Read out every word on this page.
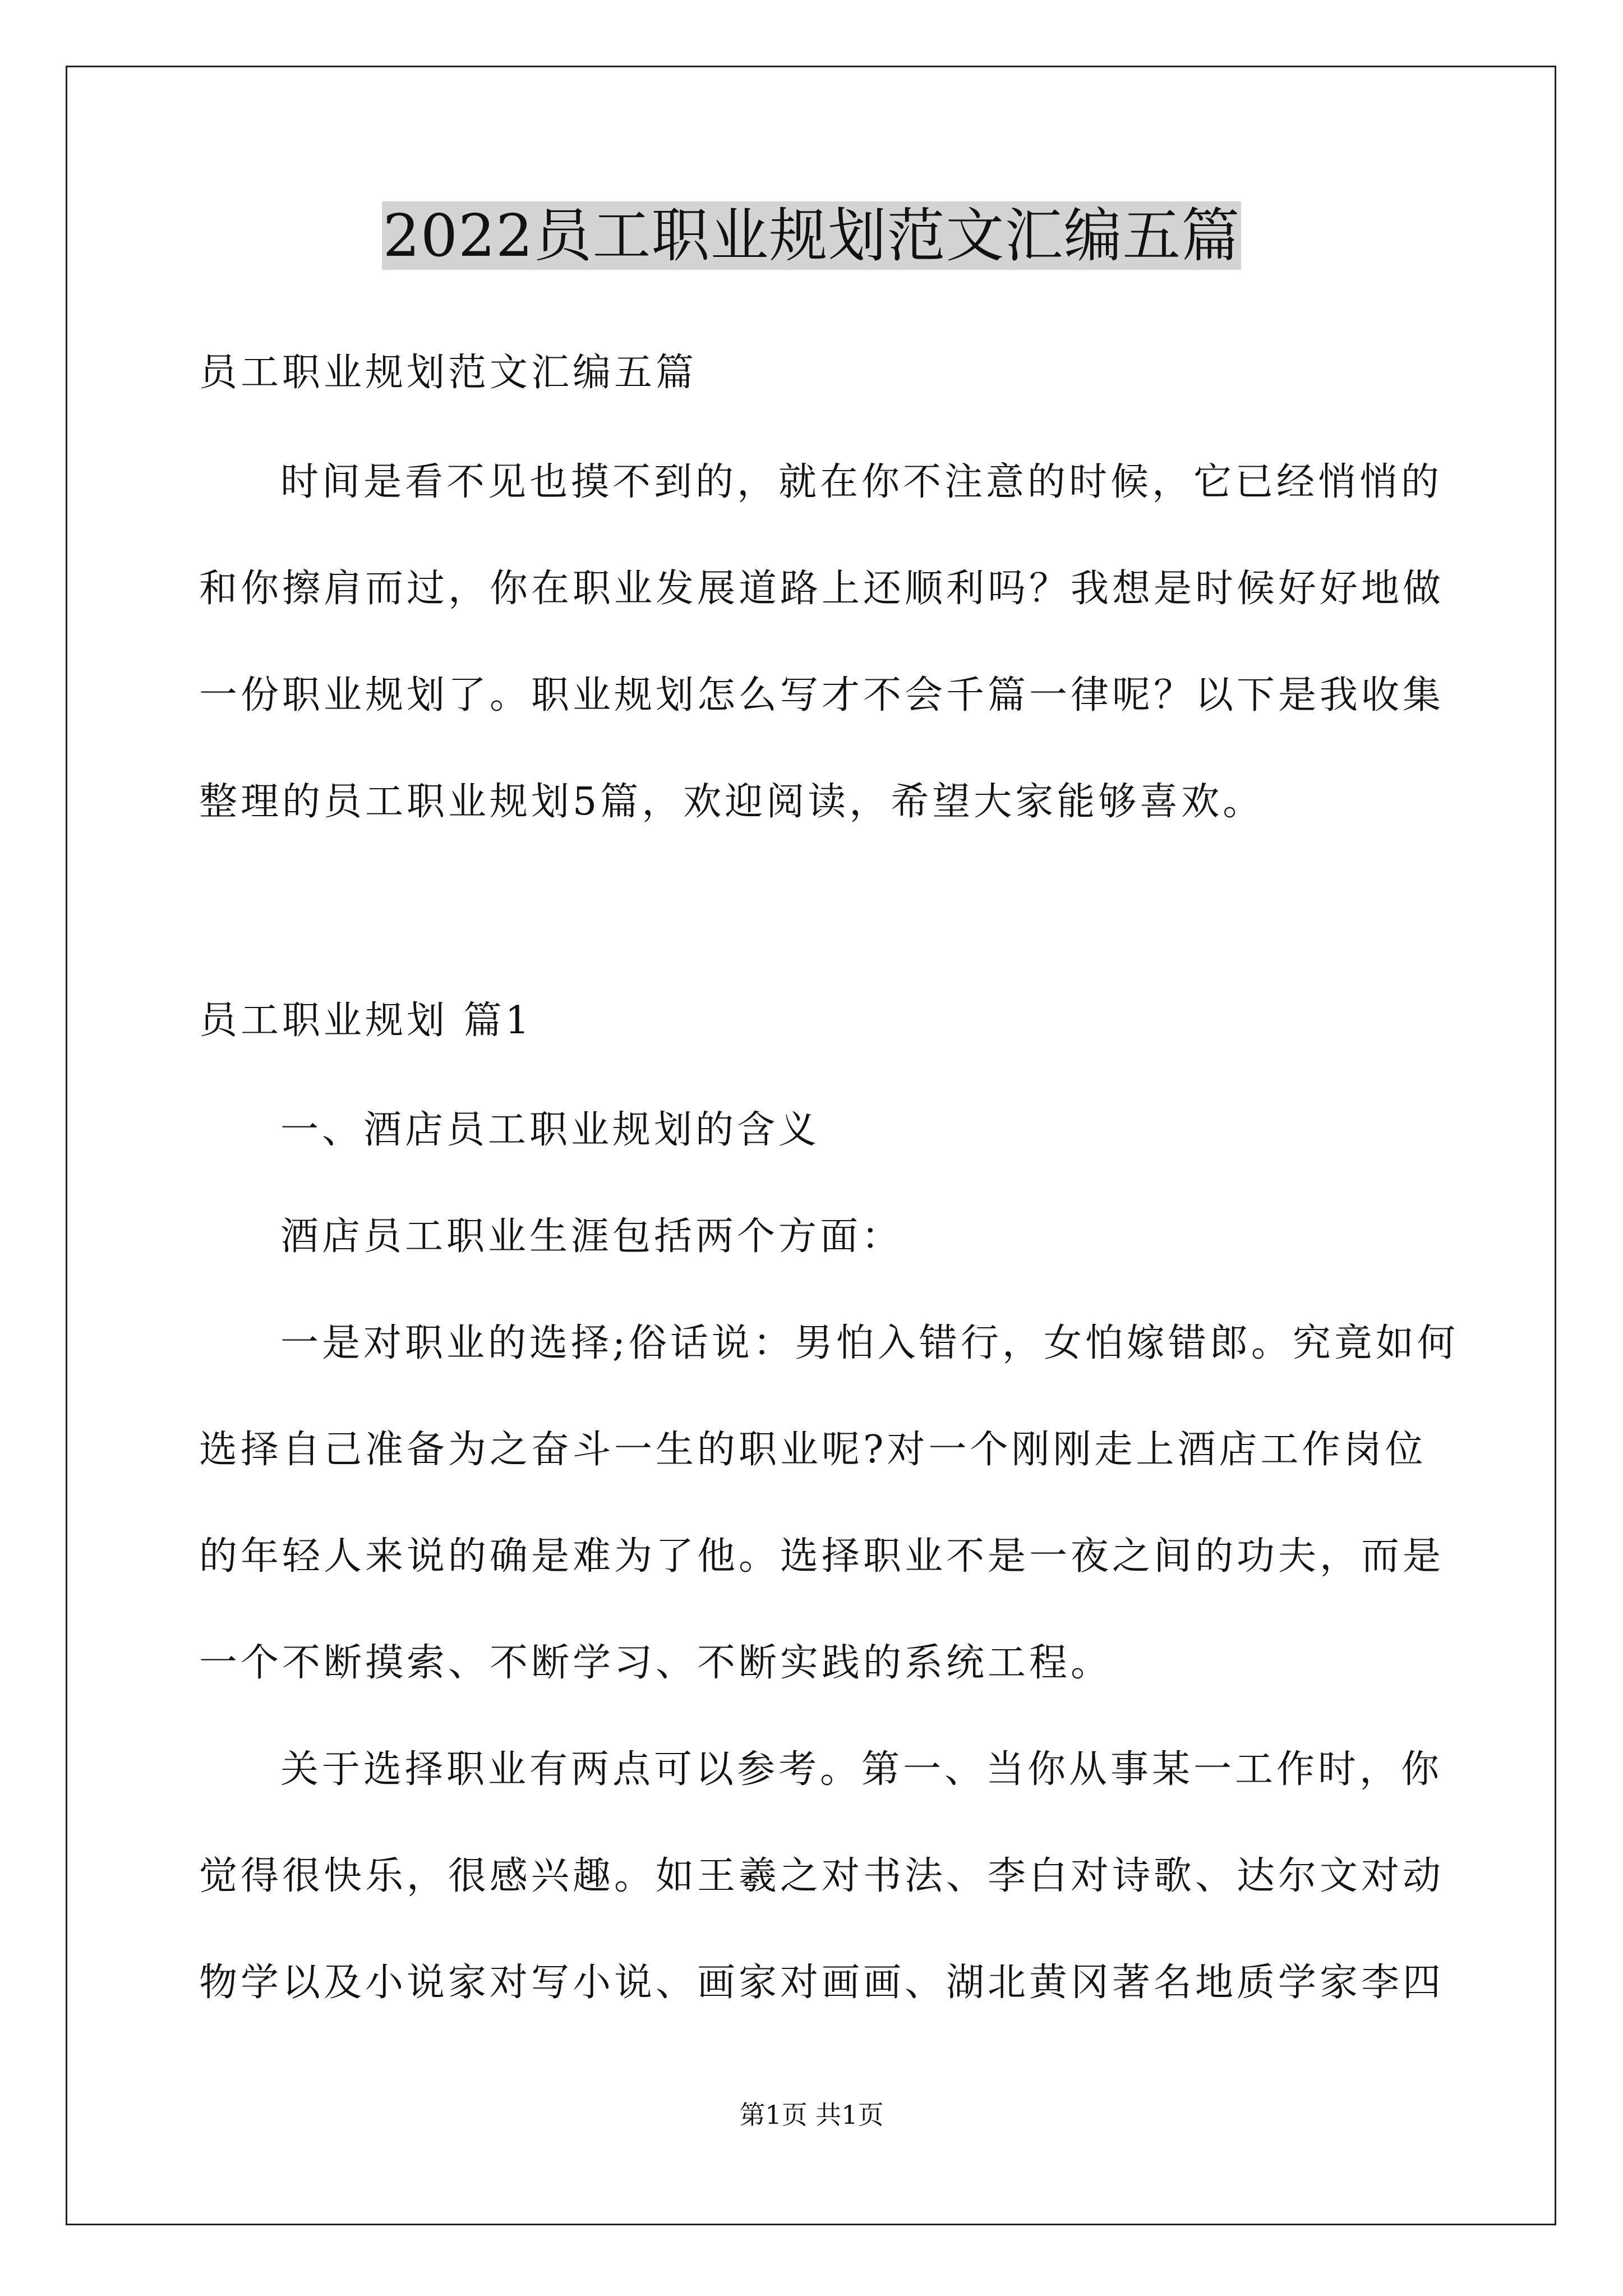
2022员工职业规划范文汇编五篇
员工职业规划范文汇编五篇
时间是看不见也摸不到的，就在你不注意的时候，它已经悄悄的
和你擦肩而过，你在职业发展道路上还顺利吗？我想是时候好好地做
一份职业规划了。职业规划怎么写才不会千篇一律呢？以下是我收集
整理的员工职业规划5篇，欢迎阅读，希望大家能够喜欢。
员工职业规划 篇1
一、酒店员工职业规划的含义
酒店员工职业生涯包括两个方面：
一是对职业的选择;俗话说：男怕入错行，女怕嫁错郎。究竟如何
选择自己准备为之奋斗一生的职业呢?对一个刚刚走上酒店工作岗位
的年轻人来说的确是难为了他。选择职业不是一夜之间的功夫，而是
一个不断摸索、不断学习、不断实践的系统工程。
关于选择职业有两点可以参考。第一、当你从事某一工作时，你
觉得很快乐，很感兴趣。如王羲之对书法、李白对诗歌、达尔文对动
物学以及小说家对写小说、画家对画画、湖北黄冈著名地质学家李四
第1页 共1页
